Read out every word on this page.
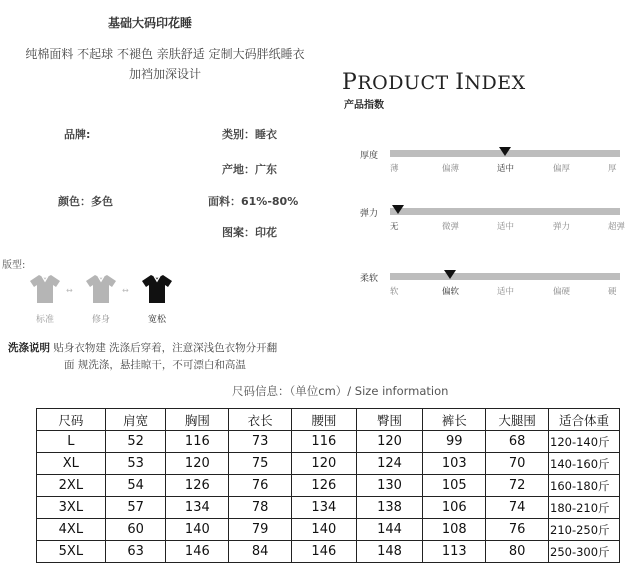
基础大码印花睡
纯棉面料 不起球 不褪色 亲肤舒适 定制大码胖纸睡衣
加裆加深设计
品牌:	类别：睡衣
产地：广东
颜色：多色	面料：61%-80%
图案：印花
版型:
标准
↔
修身
↔
宽松
洗涤说明 贴身衣物建 洗涤后穿着，注意深浅色衣物分开翻
面 规洗涤，悬挂晾干，不可漂白和高温
PRODUCT INDEX
产品指数
厚度
薄	偏薄	适中	偏厚	厚
弹力
无	微弹	适中	弹力	超弹
柔软
软	偏软	适中	偏硬	硬
尺码信息：（单位cm）/ Size information
尺码	肩宽	胸围	衣长	腰围	臀围	裤长	大腿围	适合体重
L	52	116	73	116	120	99	68	120-140斤
XL	53	120	75	120	124	103	70	140-160斤
2XL	54	126	76	126	130	105	72	160-180斤
3XL	57	134	78	134	138	106	74	180-210斤
4XL	60	140	79	140	144	108	76	210-250斤
5XL	63	146	84	146	148	113	80	250-300斤
